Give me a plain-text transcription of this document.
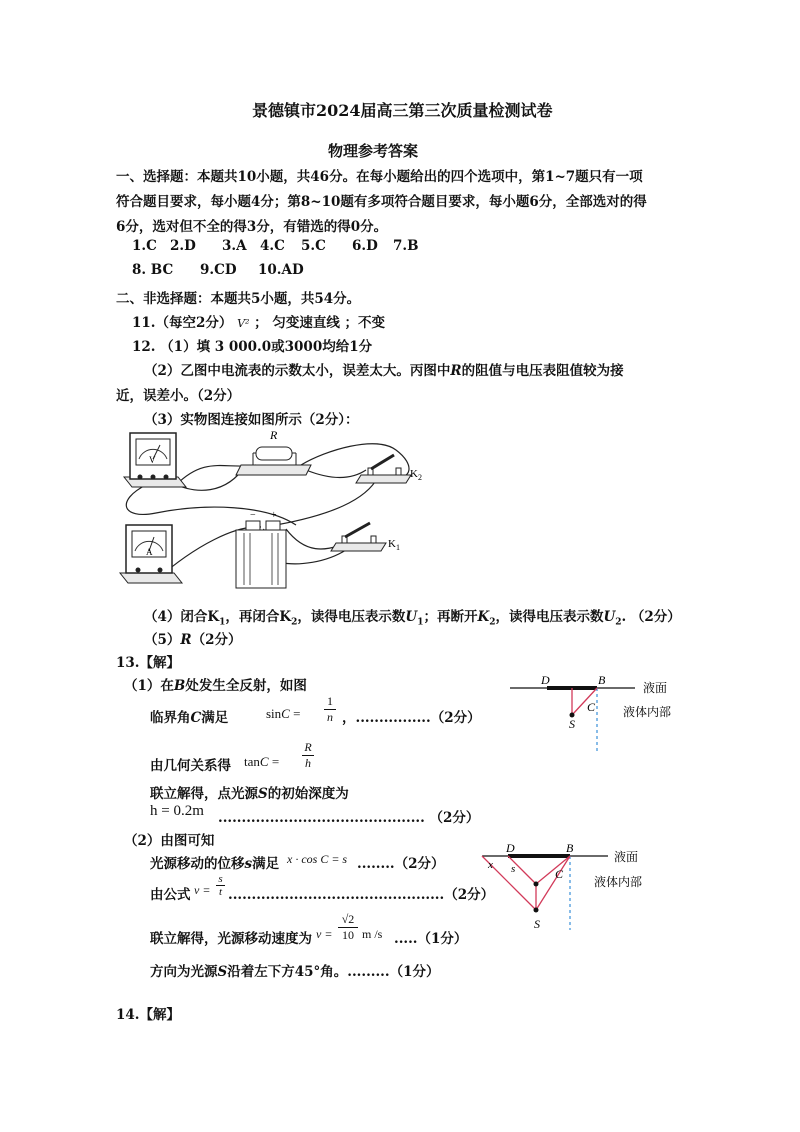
景德镇市2024届高三第三次质量检测试卷
物理参考答案
一、选择题：本题共10小题，共46分。在每小题给出的四个选项中，第1~7题只有一项
符合题目要求，每小题4分；第8~10题有多项符合题目要求，每小题6分，全部选对的得
6分，选对但不全的得3分，有错选的得0分。
1.C 2.D 3.A 4.C 5.C 6.D 7.B
8. BC 9.CD 10.AD
二、非选择题：本题共5小题，共54分。
11.（每空2分） V² ； 匀变速直线 ；不变
12. （1）填 3 000.0或3000均给1分
（2）乙图中电流表的示数太小，误差太大。丙图中R的阻值与电压表阻值较为接
近，误差小。（2分）
（3）实物图连接如图所示（2分）：
V
R
$K_2$
− +
A
$K_1$
（4）闭合$K_1$，再闭合$K_2$，读得电压表示数$U_1$；再断开$K_2$，读得电压表示数$U_2$. （2分）
（5）R（2分）
13.【解】
（1）在B处发生全反射，如图
临界角C满足	sinC =
1
n ，................（2分）
由几何关系得 tanC =
R
h
联立解得，点光源S的初始深度为
h = 0.2m ............................................ （2分）
（2）由图可知
光源移动的位移s满足 x · cos C = s ........（2分）
由公式 v =
s
t ..............................................（2分）
联立解得，光源移动速度为 v =
√2
10 m /s .....（1分）
方向为光源S沿着左下方45°角。.........（1分）
D	B
C
S
液面
液体内部
D	B
C
S
x s
液面
液体内部
14.【解】
